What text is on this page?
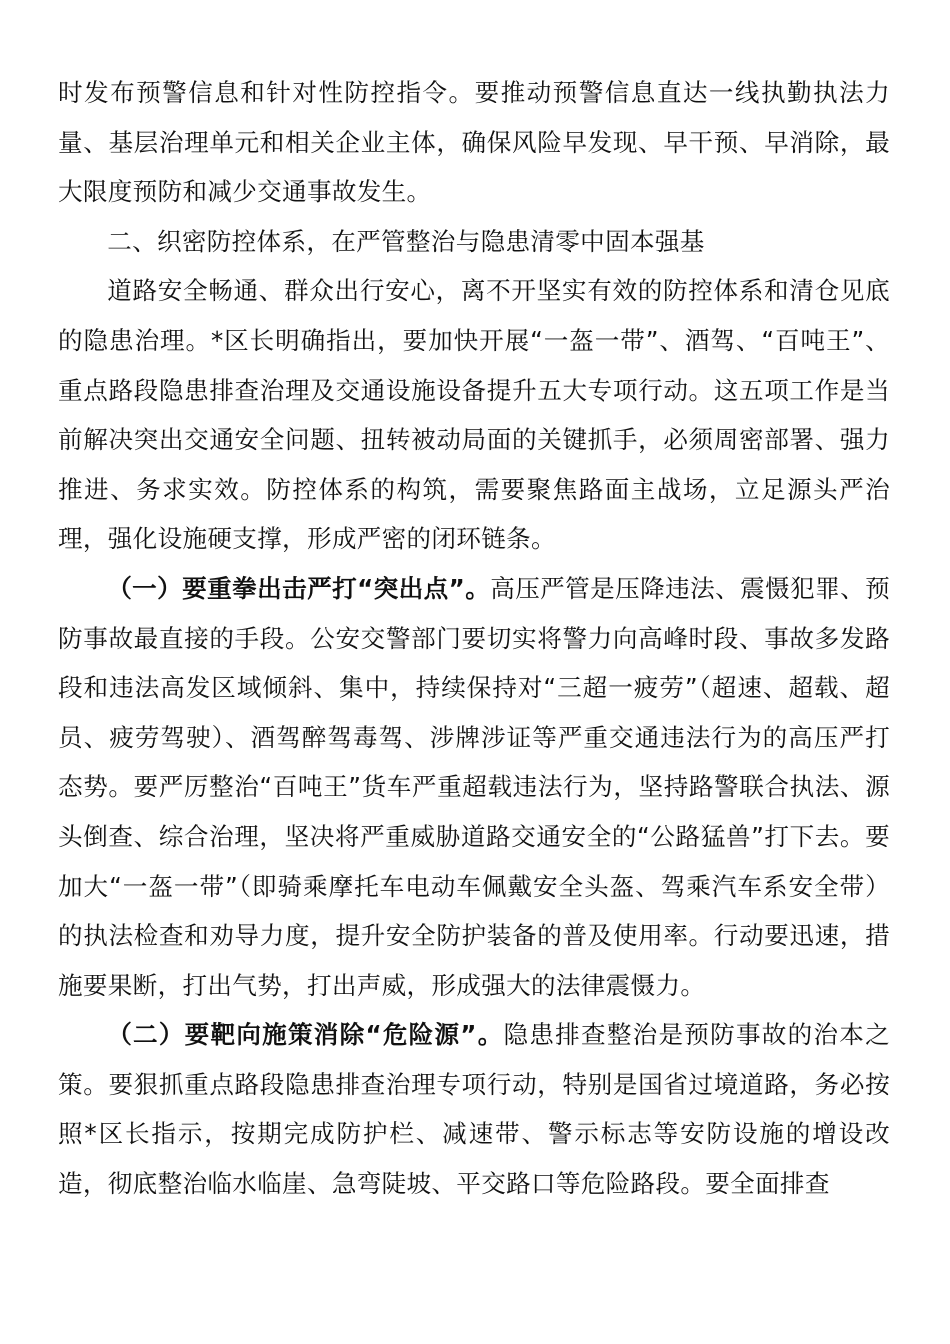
时发布预警信息和针对性防控指令。要推动预警信息直达一线执勤执法力量、基层治理单元和相关企业主体，确保风险早发现、早干预、早消除，最大限度预防和减少交通事故发生。

二、织密防控体系，在严管整治与隐患清零中固本强基

道路安全畅通、群众出行安心，离不开坚实有效的防控体系和清仓见底的隐患治理。*区长明确指出，要加快开展“一盔一带”、酒驾、“百吨王”、重点路段隐患排查治理及交通设施设备提升五大专项行动。这五项工作是当前解决突出交通安全问题、扭转被动局面的关键抓手，必须周密部署、强力推进、务求实效。防控体系的构筑，需要聚焦路面主战场，立足源头严治理，强化设施硬支撑，形成严密的闭环链条。

（一）要重拳出击严打“突出点”。高压严管是压降违法、震慑犯罪、预防事故最直接的手段。公安交警部门要切实将警力向高峰时段、事故多发路段和违法高发区域倾斜、集中，持续保持对“三超一疲劳”（超速、超载、超员、疲劳驾驶）、酒驾醉驾毒驾、涉牌涉证等严重交通违法行为的高压严打态势。要严厉整治“百吨王”货车严重超载违法行为，坚持路警联合执法、源头倒查、综合治理，坚决将严重威胁道路交通安全的“公路猛兽”打下去。要加大“一盔一带”（即骑乘摩托车电动车佩戴安全头盔、驾乘汽车系安全带）的执法检查和劝导力度，提升安全防护装备的普及使用率。行动要迅速，措施要果断，打出气势，打出声威，形成强大的法律震慑力。

（二）要靶向施策消除“危险源”。隐患排查整治是预防事故的治本之策。要狠抓重点路段隐患排查治理专项行动，特别是国省过境道路，务必按照*区长指示，按期完成防护栏、减速带、警示标志等安防设施的增设改造，彻底整治临水临崖、急弯陡坡、平交路口等危险路段。要全面排查
